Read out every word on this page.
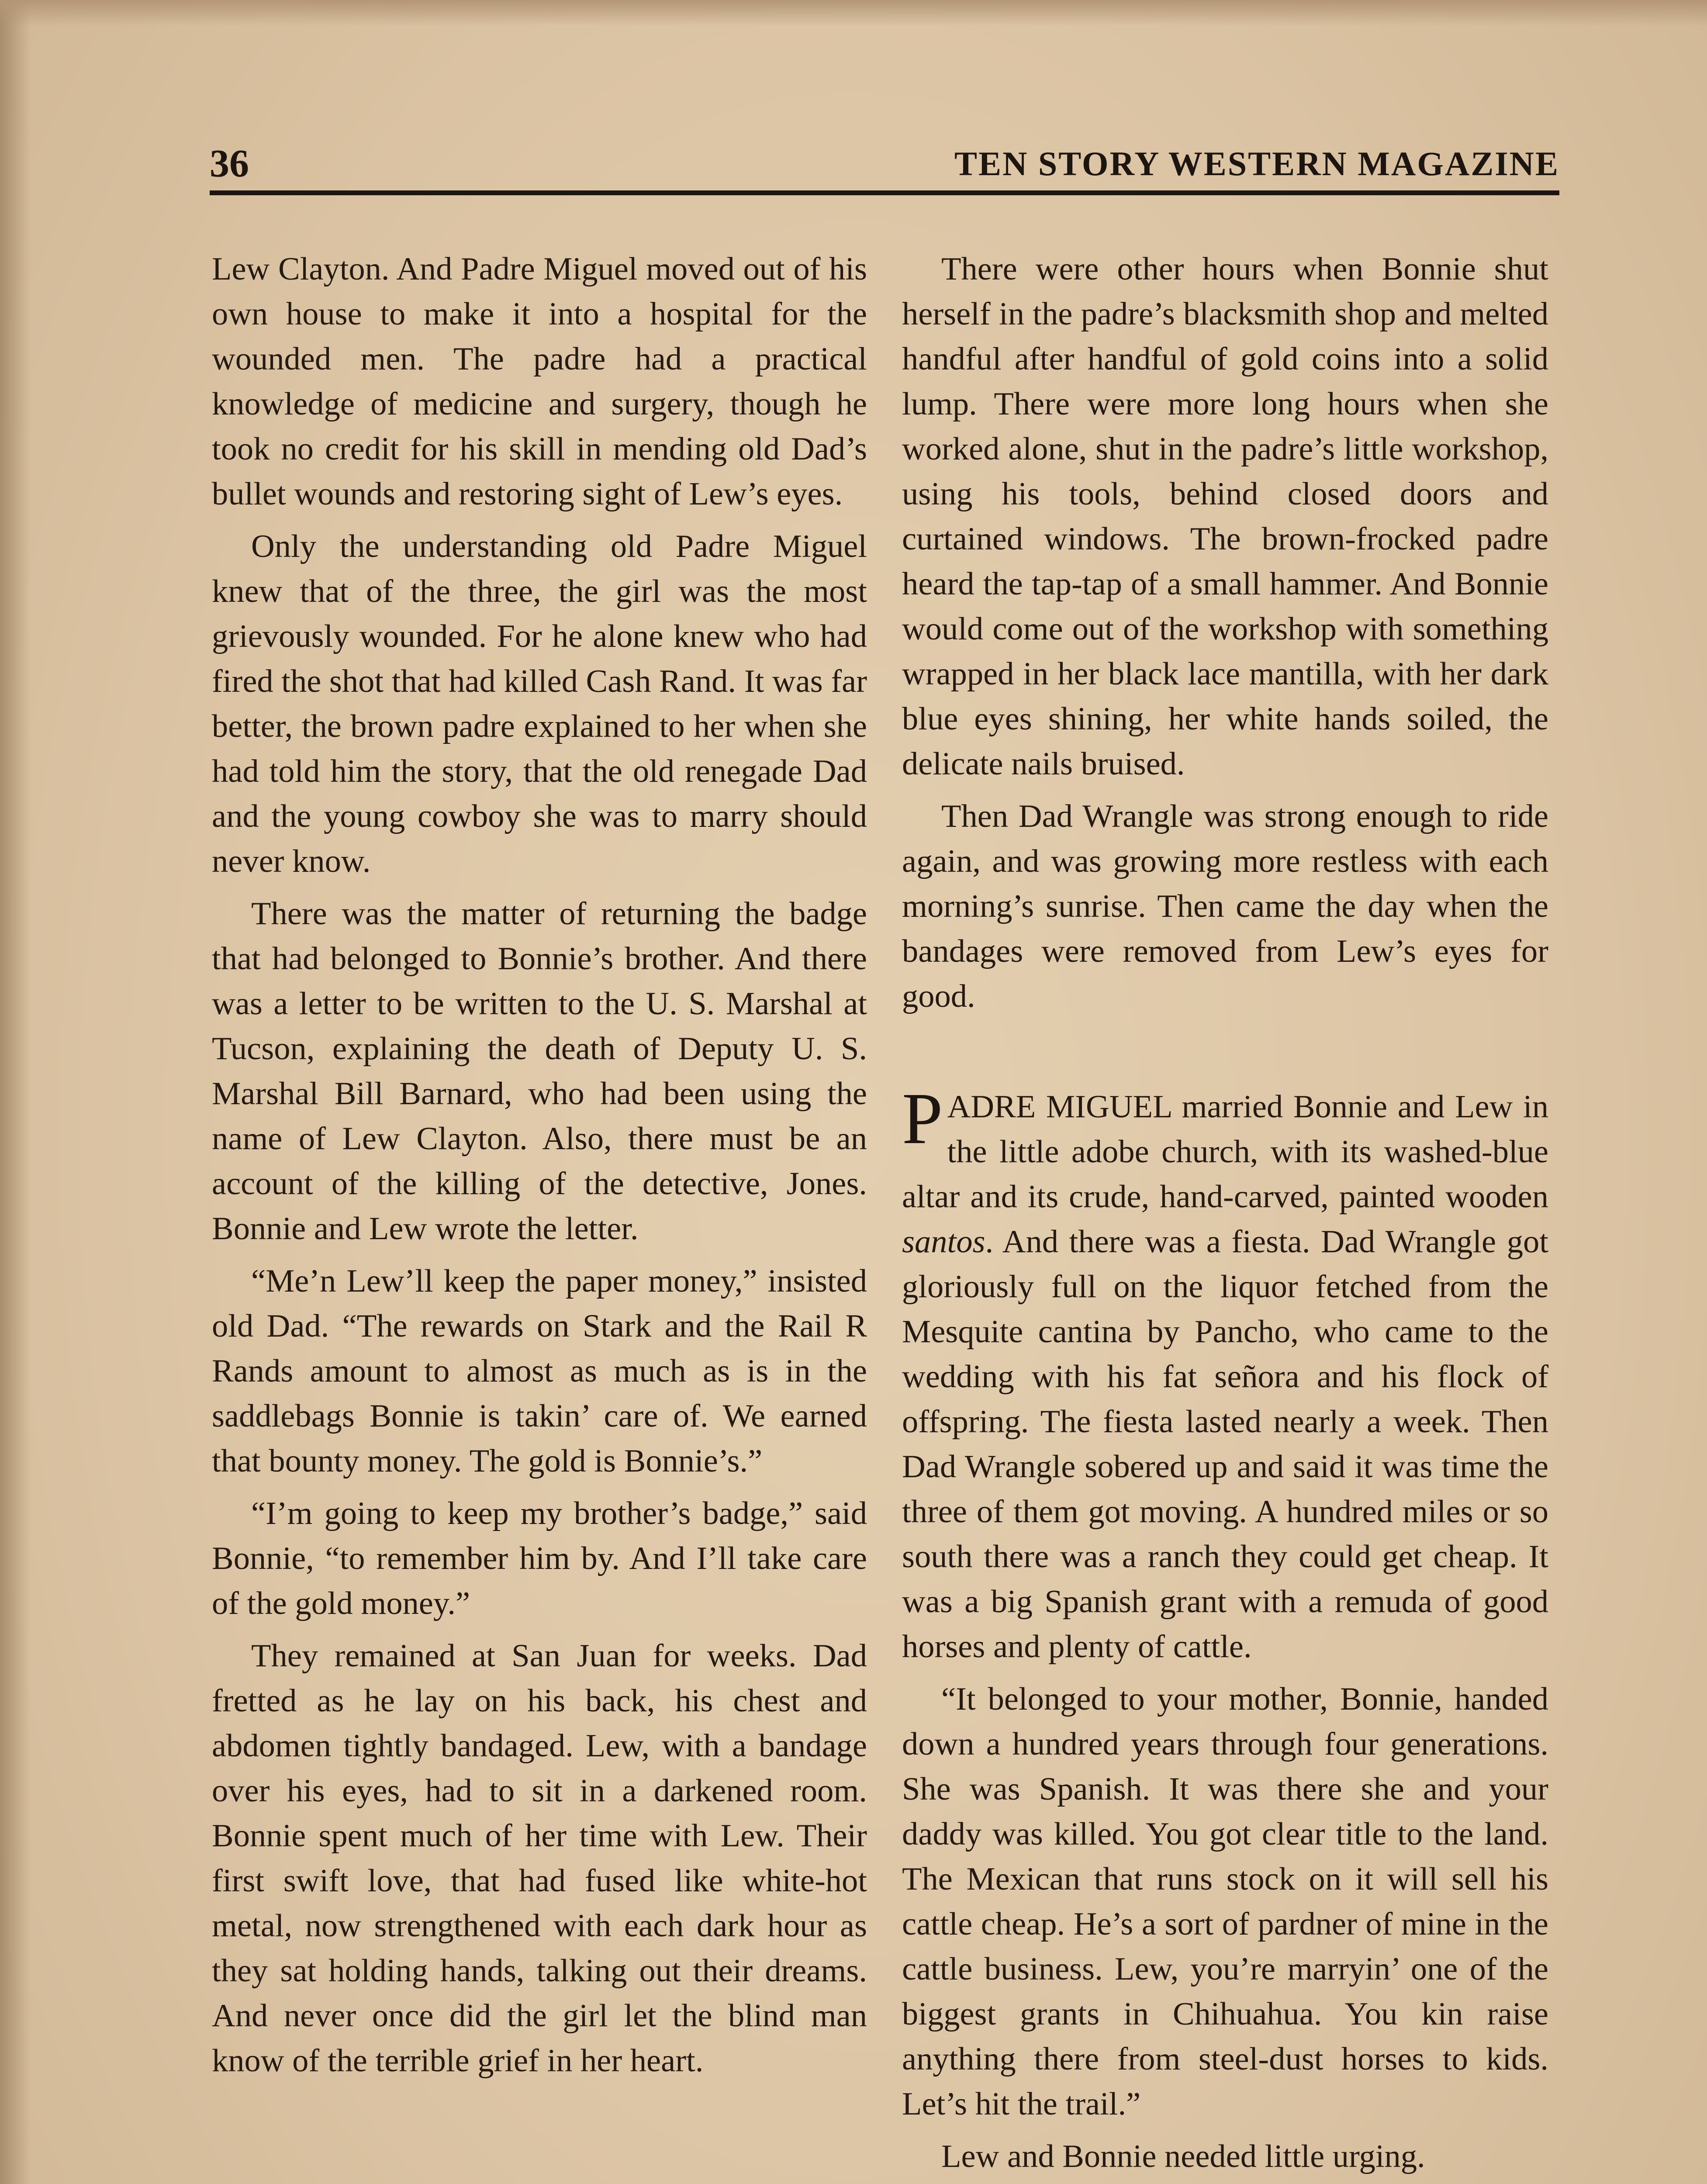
36	TEN STORY WESTERN MAGAZINE

Lew Clayton. And Padre Miguel moved out of his own house to make it into a hospital for the wounded men. The padre had a practical knowledge of medicine and surgery, though he took no credit for his skill in mending old Dad’s bullet wounds and restoring sight of Lew’s eyes.

Only the understanding old Padre Miguel knew that of the three, the girl was the most grievously wounded. For he alone knew who had fired the shot that had killed Cash Rand. It was far better, the brown padre explained to her when she had told him the story, that the old renegade Dad and the young cowboy she was to marry should never know.

There was the matter of returning the badge that had belonged to Bonnie’s brother. And there was a letter to be written to the U. S. Marshal at Tucson, explaining the death of Deputy U. S. Marshal Bill Barnard, who had been using the name of Lew Clayton. Also, there must be an account of the killing of the detective, Jones. Bonnie and Lew wrote the letter.

“Me’n Lew’ll keep the paper money,” insisted old Dad. “The rewards on Stark and the Rail R Rands amount to almost as much as is in the saddlebags Bonnie is takin’ care of. We earned that bounty money. The gold is Bonnie’s.”

“I’m going to keep my brother’s badge,” said Bonnie, “to remember him by. And I’ll take care of the gold money.”

They remained at San Juan for weeks. Dad fretted as he lay on his back, his chest and abdomen tightly bandaged. Lew, with a bandage over his eyes, had to sit in a darkened room. Bonnie spent much of her time with Lew. Their first swift love, that had fused like white-hot metal, now strengthened with each dark hour as they sat holding hands, talking out their dreams. And never once did the girl let the blind man know of the terrible grief in her heart.

There were other hours when Bonnie shut herself in the padre’s blacksmith shop and melted handful after handful of gold coins into a solid lump. There were more long hours when she worked alone, shut in the padre’s little workshop, using his tools, behind closed doors and curtained windows. The brown-frocked padre heard the tap-tap of a small hammer. And Bonnie would come out of the workshop with something wrapped in her black lace mantilla, with her dark blue eyes shining, her white hands soiled, the delicate nails bruised.

Then Dad Wrangle was strong enough to ride again, and was growing more restless with each morning’s sunrise. Then came the day when the bandages were removed from Lew’s eyes for good.

PADRE MIGUEL married Bonnie and Lew in the little adobe church, with its washed-blue altar and its crude, hand-carved, painted wooden santos. And there was a fiesta. Dad Wrangle got gloriously full on the liquor fetched from the Mesquite cantina by Pancho, who came to the wedding with his fat señora and his flock of offspring. The fiesta lasted nearly a week. Then Dad Wrangle sobered up and said it was time the three of them got moving. A hundred miles or so south there was a ranch they could get cheap. It was a big Spanish grant with a remuda of good horses and plenty of cattle.

“It belonged to your mother, Bonnie, handed down a hundred years through four generations. She was Spanish. It was there she and your daddy was killed. You got clear title to the land. The Mexican that runs stock on it will sell his cattle cheap. He’s a sort of pardner of mine in the cattle business. Lew, you’re marryin’ one of the biggest grants in Chihuahua. You kin raise anything there from steel-dust horses to kids. Let’s hit the trail.”

Lew and Bonnie needed little urging.
